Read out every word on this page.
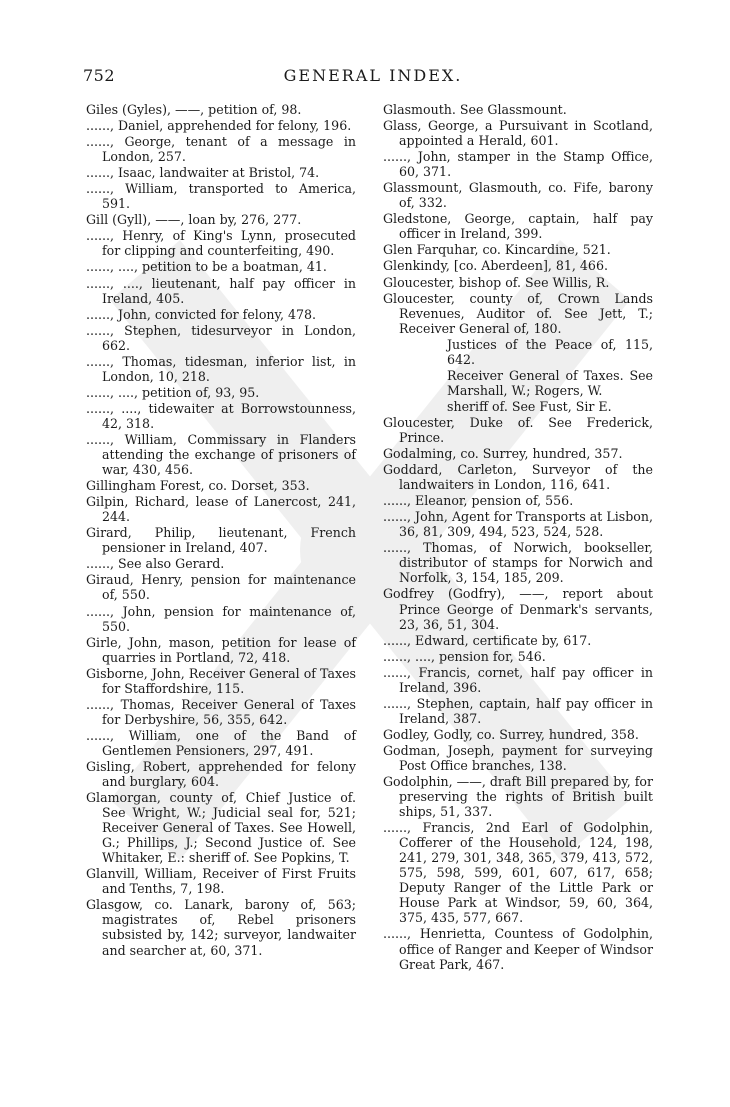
752	GENERAL INDEX.

Giles (Gyles), ——, petition of, 98.

......, Daniel, apprehended for felony, 196.

......, George, tenant of a message in London, 257.

......, Isaac, landwaiter at Bristol, 74.

......, William, transported to America, 591.

Gill (Gyll), ——, loan by, 276, 277.

......, Henry, of King's Lynn, prosecuted for clipping and counterfeiting, 490.

......, ...., petition to be a boatman, 41.

......, ...., lieutenant, half pay officer in Ireland, 405.

......, John, convicted for felony, 478.

......, Stephen, tidesurveyor in London, 662.

......, Thomas, tidesman, inferior list, in London, 10, 218.

......, ...., petition of, 93, 95.

......, ...., tidewaiter at Borrowstounness, 42, 318.

......, William, Commissary in Flanders attending the exchange of prisoners of war, 430, 456.

Gillingham Forest, co. Dorset, 353.

Gilpin, Richard, lease of Lanercost, 241, 244.

Girard, Philip, lieutenant, French pensioner in Ireland, 407.

......, See also Gerard.

Giraud, Henry, pension for maintenance of, 550.

......, John, pension for maintenance of, 550.

Girle, John, mason, petition for lease of quarries in Portland, 72, 418.

Gisborne, John, Receiver General of Taxes for Staffordshire, 115.

......, Thomas, Receiver General of Taxes for Derbyshire, 56, 355, 642.

......, William, one of the Band of Gentlemen Pensioners, 297, 491.

Gisling, Robert, apprehended for felony and burglary, 604.

Glamorgan, county of, Chief Justice of. See Wright, W.; Judicial seal for, 521; Receiver General of Taxes. See Howell, G.; Phillips, J.; Second Justice of. See Whitaker, E.: sheriff of. See Popkins, T.

Glanvill, William, Receiver of First Fruits and Tenths, 7, 198.

Glasgow, co. Lanark, barony of, 563; magistrates of, Rebel prisoners subsisted by, 142; surveyor, landwaiter and searcher at, 60, 371.

Glasmouth. See Glassmount.

Glass, George, a Pursuivant in Scotland, appointed a Herald, 601.

......, John, stamper in the Stamp Office, 60, 371.

Glassmount, Glasmouth, co. Fife, barony of, 332.

Gledstone, George, captain, half pay officer in Ireland, 399.

Glen Farquhar, co. Kincardine, 521.

Glenkindy, [co. Aberdeen], 81, 466.

Gloucester, bishop of. See Willis, R.

Gloucester, county of, Crown Lands Revenues, Auditor of. See Jett, T.; Receiver General of, 180.

Justices of the Peace of, 115, 642.

Receiver General of Taxes. See Marshall, W.; Rogers, W.

sheriff of. See Fust, Sir E.

Gloucester, Duke of. See Frederick, Prince.

Godalming, co. Surrey, hundred, 357.

Goddard, Carleton, Surveyor of the landwaiters in London, 116, 641.

......, Eleanor, pension of, 556.

......, John, Agent for Transports at Lisbon, 36, 81, 309, 494, 523, 524, 528.

......, Thomas, of Norwich, bookseller, distributor of stamps for Norwich and Norfolk, 3, 154, 185, 209.

Godfrey (Godfry), ——, report about Prince George of Denmark's servants, 23, 36, 51, 304.

......, Edward, certificate by, 617.

......, ...., pension for, 546.

......, Francis, cornet, half pay officer in Ireland, 396.

......, Stephen, captain, half pay officer in Ireland, 387.

Godley, Godly, co. Surrey, hundred, 358.

Godman, Joseph, payment for surveying Post Office branches, 138.

Godolphin, ——, draft Bill prepared by, for preserving the rights of British built ships, 51, 337.

......, Francis, 2nd Earl of Godolphin, Cofferer of the Household, 124, 198, 241, 279, 301, 348, 365, 379, 413, 572, 575, 598, 599, 601, 607, 617, 658; Deputy Ranger of the Little Park or House Park at Windsor, 59, 60, 364, 375, 435, 577, 667.

......, Henrietta, Countess of Godolphin, office of Ranger and Keeper of Windsor Great Park, 467.
